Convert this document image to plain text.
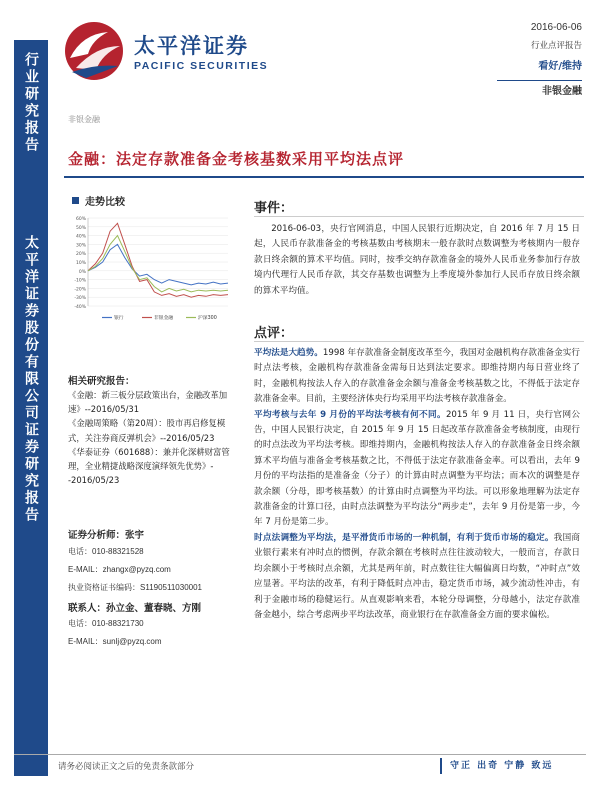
行业研究报告
太平洋证券股份有限公司证券研究报告
太平洋证券
PACIFIC SECURITIES
2016-06-06
行业点评报告
看好/维持
非银金融
非银金融
金融：法定存款准备金考核基数采用平均法点评
走势比较
60%
50%
40%
30%
20%
10%
0%
-10%
-20%
-30%
-40%
银行	非银金融	沪深300
相关研究报告：

《金融：新三板分层政策出台，金融改革加速》--2016/05/31

《金融周策略（第20周）：股市再启修复模式，关注券商反弹机会》--2016/05/23

《华泰证券（601688）：兼并化深耕财富管理，全业精捷战略深度演绎领先优势》--2016/05/23

证券分析师：张宇
电话：010-88321528
E-MAIL：zhangx@pyzq.com
执业资格证书编码：S1190511030001
联系人：孙立金、董春晓、方刚
电话：010-88321730
E-MAIL：sunlj@pyzq.com
事件：

2016-06-03，央行官网消息，中国人民银行近期决定，自 2016 年 7 月 15 日起，人民币存款准备金的考核基数由考核期末一般存款时点数调整为考核期内一般存款日终余额的算术平均值。同时，按季交纳存款准备金的境外人民币业务参加行存放境内代理行人民币存款，其交存基数也调整为上季度境外参加行人民币存放日终余额的算术平均值。

点评：

平均法是大趋势。1998 年存款准备金制度改革至今，我国对金融机构存款准备金实行时点法考核，金融机构存款准备金需每日达到法定要求。即维持期内每日营业终了时，金融机构按法人存入的存款准备金余额与准备金考核基数之比，不得低于法定存款准备金率。目前，主要经济体央行均采用平均法考核存款准备金。

平均考核与去年 9 月份的平均法考核有何不同。2015 年 9 月 11 日，央行官网公告，中国人民银行决定，自 2015 年 9 月 15 日起改革存款准备金考核制度，由现行的时点法改为平均法考核。即维持期内，金融机构按法人存入的存款准备金日终余额算术平均值与准备金考核基数之比，不得低于法定存款准备金率。可以看出，去年 9 月份的平均法指的是准备金（分子）的计算由时点调整为平均法；而本次的调整是存款余额（分母，即考核基数）的计算由时点调整为平均法。可以形象地理解为法定存款准备金的计算口径，由时点法调整为平均法分“两步走”，去年 9 月份是第一步，今年 7 月份是第二步。

时点法调整为平均法，是平滑货币市场的一种机制，有利于货币市场的稳定。我国商业银行素来有冲时点的惯例，存款余额在考核时点往往波动较大，一般而言，存款日均余额小于考核时点余额，尤其是两年前，时点数往往大幅偏离日均数，“冲时点”效应显著。平均法的改革，有利于降低时点冲击，稳定货币市场，减少流动性冲击，有利于金融市场的稳健运行。从直观影响来看，本轮分母调整，分母越小，法定存款准备金越小，综合考虑两步平均法改革，商业银行在存款准备金方面的要求偏松。

请务必阅读正文之后的免责条款部分	守正 出奇 宁静 致远
